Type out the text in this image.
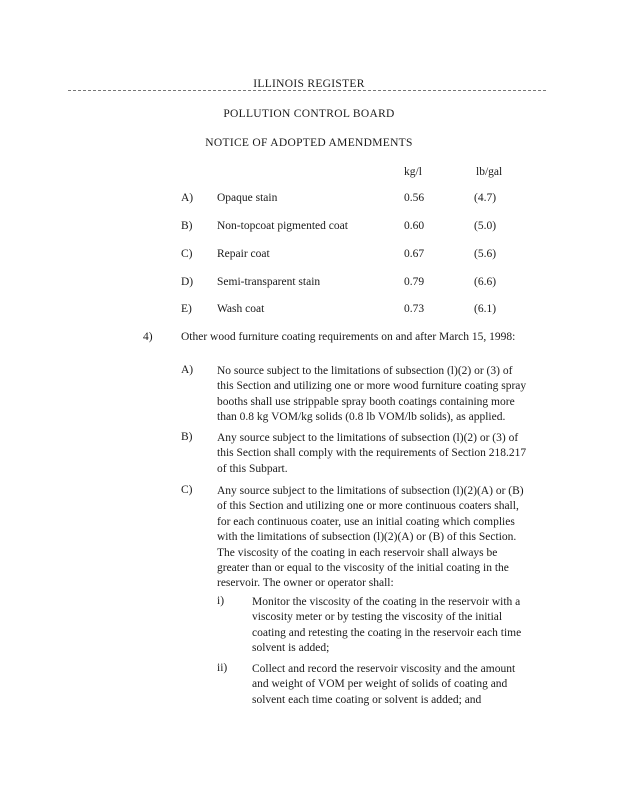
ILLINOIS REGISTER
POLLUTION CONTROL BOARD
NOTICE OF ADOPTED AMENDMENTS
kg/l	lb/gal
A) Opaque stain	0.56	(4.7)
B) Non-topcoat pigmented coat	0.60	(5.0)
C) Repair coat	0.67	(5.6)
D) Semi-transparent stain	0.79	(6.6)
E) Wash coat	0.73	(6.1)
4) Other wood furniture coating requirements on and after March 15, 1998:
A) No source subject to the limitations of subsection (l)(2) or (3) of
this Section and utilizing one or more wood furniture coating spray
booths shall use strippable spray booth coatings containing more
than 0.8 kg VOM/kg solids (0.8 lb VOM/lb solids), as applied.
B) Any source subject to the limitations of subsection (l)(2) or (3) of
this Section shall comply with the requirements of Section 218.217
of this Subpart.
C) Any source subject to the limitations of subsection (l)(2)(A) or (B)
of this Section and utilizing one or more continuous coaters shall,
for each continuous coater, use an initial coating which complies
with the limitations of subsection (l)(2)(A) or (B) of this Section.
The viscosity of the coating in each reservoir shall always be
greater than or equal to the viscosity of the initial coating in the
reservoir. The owner or operator shall:
i) Monitor the viscosity of the coating in the reservoir with a
viscosity meter or by testing the viscosity of the initial
coating and retesting the coating in the reservoir each time
solvent is added;
ii) Collect and record the reservoir viscosity and the amount
and weight of VOM per weight of solids of coating and
solvent each time coating or solvent is added; and
